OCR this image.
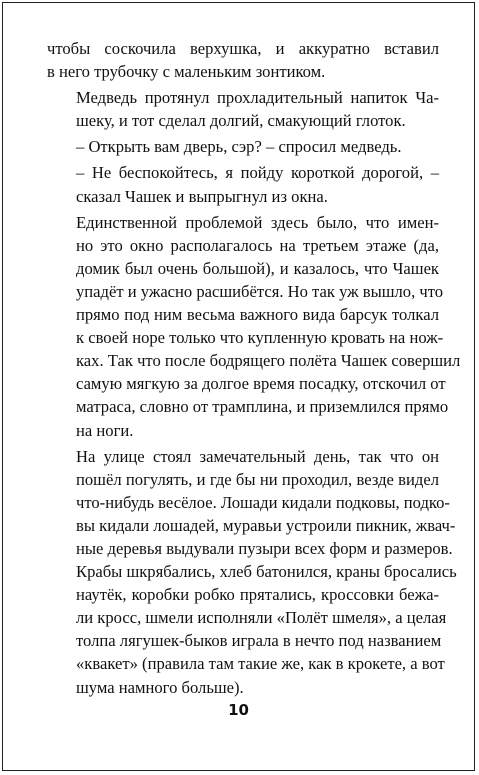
чтобы соскочила верхушка, и аккуратно вставил
в него трубочку с маленьким зонтиком.

Медведь протянул прохладительный напиток Ча-
шеку, и тот сделал долгий, смакующий глоток.

– Открыть вам дверь, сэр? – спросил медведь.

– Не беспокойтесь, я пойду короткой дорогой, –
сказал Чашек и выпрыгнул из окна.

Единственной проблемой здесь было, что имен-
но это окно располагалось на третьем этаже (да,
домик был очень большой), и казалось, что Чашек
упадёт и ужасно расшибётся. Но так уж вышло, что
прямо под ним весьма важного вида барсук толкал
к своей норе только что купленную кровать на нож-
ках. Так что после бодрящего полёта Чашек совершил
самую мягкую за долгое время посадку, отскочил от
матраса, словно от трамплина, и приземлился прямо
на ноги.

На улице стоял замечательный день, так что он
пошёл погулять, и где бы ни проходил, везде видел
что-нибудь весёлое. Лошади кидали подковы, подко-
вы кидали лошадей, муравьи устроили пикник, жвач-
ные деревья выдували пузыри всех форм и размеров.
Крабы шкрябались, хлеб батонился, краны бросались
наутёк, коробки робко прятались, кроссовки бежа-
ли кросс, шмели исполняли «Полёт шмеля», а целая
толпа лягушек-быков играла в нечто под названием
«квакет» (правила там такие же, как в крокете, а вот
шума намного больше).

10
